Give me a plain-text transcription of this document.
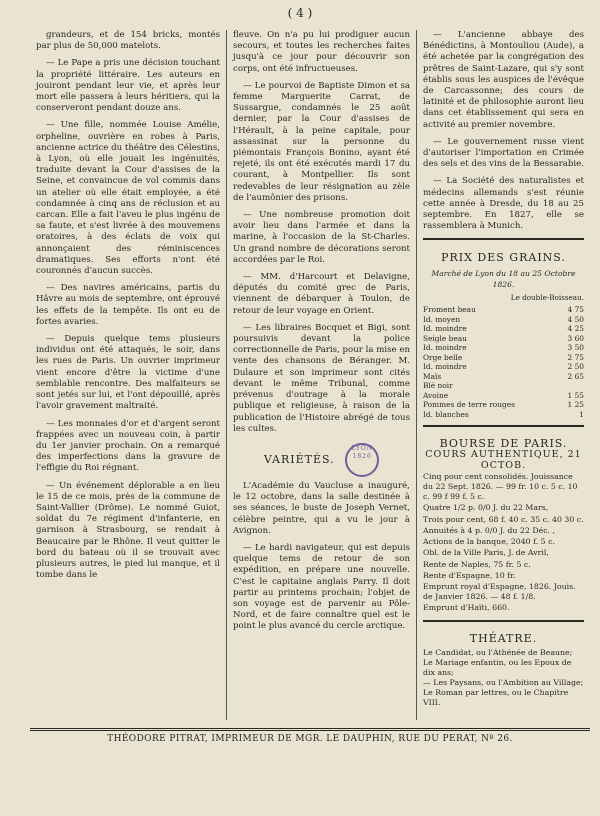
( 4 )

grandeurs, et de 154 bricks, montés par plus de 50,000 matelots.

— Le Pape a pris une décision touchant la propriété littéraire. Les auteurs en jouiront pendant leur vie, et après leur mort elle passera à leurs héritiers, qui la conserveront pendant douze ans.

— Une fille, nommée Louise Amélie, orpheline, ouvrière en robes à Paris, ancienne actrice du théâtre des Célestins, à Lyon, où elle jouait les ingénuités, traduite devant la Cour d'assises de la Seine, et convaincue de vol commis dans un atelier où elle était employée, a été condamnée à cinq ans de réclusion et au carcan. Elle a fait l'aveu le plus ingénu de sa faute, et s'est livrée à des mouvemens oratoires, à des éclats de voix qui annonçaient des réminiscences dramatiques. Ses efforts n'ont été couronnés d'aucun succès.

— Des navires américains, partis du Hâvre au mois de septembre, ont éprouvé les effets de la tempête. Ils ont eu de fortes avaries.

— Depuis quelque tems plusieurs individus ont été attaqués, le soir, dans les rues de Paris. Un ouvrier imprimeur vient encore d'être la victime d'une semblable rencontre. Des malfaiteurs se sont jetés sur lui, et l'ont dépouillé, après l'avoir gravement maltraité.

— Les monnaies d'or et d'argent seront frappées avec un nouveau coin, à partir du 1er janvier prochain. On a remarqué des imperfections dans la gravure de l'effigie du Roi régnant.

— Un événement déplorable a en lieu le 15 de ce mois, près de la commune de Saint-Vallier (Drôme). Le nommé Guiot, soldat du 7e régiment d'infanterie, en garnison à Strasbourg, se rendait à Beaucaire par le Rhône. Il veut quitter le bord du bateau où il se trouvait avec plusieurs autres, le pied lui manque, et il tombe dans le

fleuve. On n'a pu lui prodiguer aucun secours, et toutes les recherches faites jusqu'à ce jour pour découvrir son corps, ont été infructueuses.

— Le pourvoi de Baptiste Dimon et sa femme Marguerite Carrat, de Sussargue, condamnés le 25 août dernier, par la Cour d'assises de l'Hérault, à la peine capitale, pour assassinat sur la personne du piémontais François Bonino, ayant été rejeté, ils ont été exécutés mardi 17 du courant, à Montpellier. Ils sont redevables de leur résignation au zèle de l'aumônier des prisons.

— Une nombreuse promotion doit avoir lieu dans l'armée et dans la marine, à l'occasion de la St-Charles. Un grand nombre de décorations seront accordées par le Roi.

— MM. d'Harcourt et Delavigne, députés du comité grec de Paris, viennent de débarquer à Toulon, de retour de leur voyage en Orient.

— Les libraires Bocquet et Bigi, sont poursuivis devant la police correctionnelle de Paris, pour la mise en vente des chansons de Béranger. M. Dulaure et son imprimeur sont cités devant le même Tribunal, comme prévenus d'outrage à la morale publique et religieuse, à raison de la publication de l'Histoire abrégé de tous les cultes.

VARIÉTÉS. LYON 1826

L'Académie du Vaucluse a inauguré, le 12 octobre, dans la salle destinée à ses séances, le buste de Joseph Vernet, célèbre peintre, qui a vu le jour à Avignon.

— Le hardi navigateur, qui est depuis quelque tems de retour de son expédition, en prépare une nouvelle. C'est le capitaine anglais Parry. Il doit partir au printems prochain; l'objet de son voyage est de parvenir au Pôle-Nord, et de faire connaître quel est le point le plus avancé du cercle arctique.

— L'ancienne abbaye des Bénédictins, à Montouliou (Aude), a été achetée par la congrégation des prêtres de Saint-Lazare, qui s'y sont établis sous les auspices de l'évêque de Carcassonne; des cours de latinité et de philosophie auront lieu dans cet établissement qui sera en activité au premier novembre.

— Le gouvernement russe vient d'autoriser l'importation en Crimée des sels et des vins de la Bessarabie.

— La Société des naturalistes et médecins allemands s'est réunie cette année à Dresde, du 18 au 25 septembre. En 1827, elle se rassemblera à Munich.

PRIX DES GRAINS.
Marché de Lyon du 18 au 25 Octobre 1826.
Le double-Boisseau.
Froment beau	4 75
Id. moyen	4 50
Id. moindre	4 25
Seigle beau	3 60
Id. moindre	3 50
Orge belle	2 75
Id. moindre	2 50
Maïs	2 65
Blé noir
Avoine	1 55
Pommes de terre rouges	1 25
Id. blanches	1
BOURSE DE PARIS.
COURS AUTHENTIQUE, 21 OCTOB.
Cinq pour cent consolidés. Jouissance du 22 Sept. 1826. — 99 fr. 10 c. 5 c. 10 c. 99 f 99 f. 5 c.
Quatre 1/2 p. 0/0 J. du 22 Mars,
Trois pour cent, 68 f. 40 c. 35 c. 40 30 c.
Annuités à 4 p. 0/0 J. du 22 Déc. ,
Actions de la banque, 2040 f. 5 c.
Obl. de la Ville Paris, J. de Avril,
Rente de Naples, 75 fr. 5 c.
Rente d'Espagne, 10 fr.
Emprunt royal d'Espagne, 1826. Jouis. de Janvier 1826. — 48 f. 1/8.
Emprunt d'Haïti, 660.
THÉATRE.
Le Candidat, ou l'Athénée de Beaune;
Le Mariage enfantin, ou les Epoux de dix ans;
— Les Paysans, ou l'Ambition au Village;
Le Roman par lettres, ou le Chapitre VIII.
THÉODORE PITRAT, IMPRIMEUR DE MGR. LE DAUPHIN, RUE DU PERAT, Nº 26.
